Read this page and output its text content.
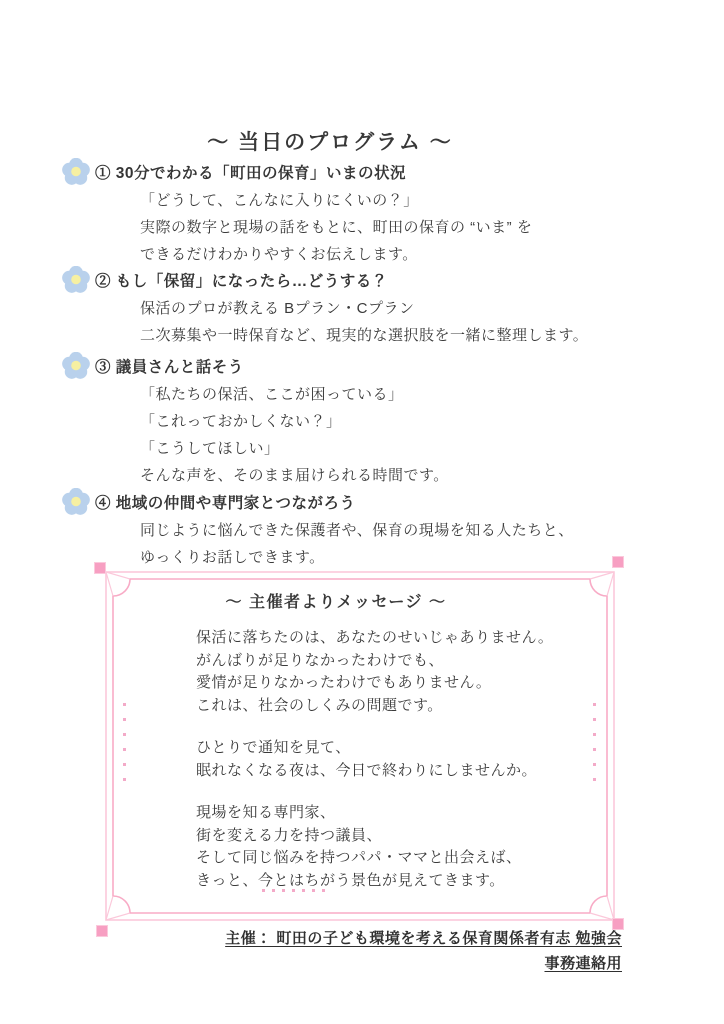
〜 当日のプログラム 〜
① 30分でわかる「町田の保育」いまの状況
「どうして、こんなに入りにくいの？」
実際の数字と現場の話をもとに、町田の保育の “いま” を
できるだけわかりやすくお伝えします。
② もし「保留」になったら…どうする？
保活のプロが教える Bプラン・Cプラン
二次募集や一時保育など、現実的な選択肢を一緒に整理します。
③ 議員さんと話そう
「私たちの保活、ここが困っている」
「これっておかしくない？」
「こうしてほしい」
そんな声を、そのまま届けられる時間です。
④ 地域の仲間や専門家とつながろう
同じように悩んできた保護者や、保育の現場を知る人たちと、
ゆっくりお話しできます。
〜 主催者よりメッセージ 〜
保活に落ちたのは、あなたのせいじゃありません。
がんばりが足りなかったわけでも、
愛情が足りなかったわけでもありません。
これは、社会のしくみの問題です。
ひとりで通知を見て、
眠れなくなる夜は、今日で終わりにしませんか。
現場を知る専門家、
街を変える力を持つ議員、
そして同じ悩みを持つパパ・ママと出会えば、
きっと、今とはちがう景色が見えてきます。
主催： 町田の子ども環境を考える保育関係者有志 勉強会
事務連絡用
